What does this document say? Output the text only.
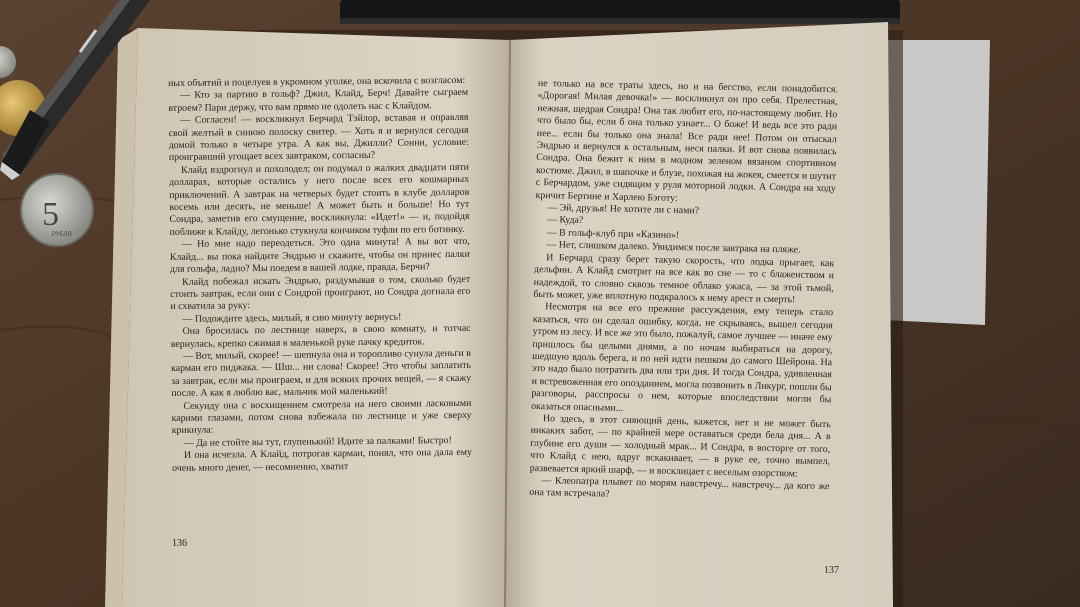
5
РУБЛЯ

ных объятий и поцелуев в укромном уголке, она вскочила с возгласом:

— Кто за партию в гольф? Джил, Клайд, Берч! Давайте сыграем втроем? Пари держу, что вам прямо не одолеть нас с Клайдом.

— Согласен! — воскликнул Берчард Тэйлор, вставая и оправляя свой желтый в синюю полоску свитер. — Хоть я и вернулся сегодня домой только в четыре утра. А как вы, Джилли? Сонни, условие: проигравший угощает всех завтраком, согласны?

Клайд вздрогнул и похолодел; он подумал о жалких двадцати пяти долларах, которые остались у него после всех его кошмарных приключений. А завтрак на четверых будет стоить в клубе долларов восемь или десять, не меньше! А может быть и больше! Но тут Сондра, заметив его смущение, воскликнула: «Идет!» — и, подойдя поближе к Клайду, легонько стукнула кончиком туфли по его ботинку.

— Но мне надо переодеться. Это одна минута! А вы вот что, Клайд... вы пока найдите Эндрью и скажите, чтобы он принес палки для гольфа, ладно? Мы поедем в вашей лодке, правда, Берчи?

Клайд побежал искать Эндрью, раздумывая о том, сколько будет стоить завтрак, если они с Сондрой проиграют, но Сондра догнала его и схватила за руку:

— Подождите здесь, милый, я сию минуту вернусь!

Она бросилась по лестнице наверх, в свою комнату, и тотчас вернулась, крепко сжимая в маленькой руке пачку кредиток.

— Вот, милый, скорее! — шепнула она и торопливо сунула деньги в карман его пиджака. — Шш... ни слова! Скорее! Это чтобы заплатить за завтрак, если мы проиграем, и для всяких прочих вещей, — я скажу после. А как я люблю вас, мальчик мой маленький!

Секунду она с восхищением смотрела на него своими ласковыми карими глазами, потом снова взбежала по лестнице и уже сверху крикнула:

— Да не стойте вы тут, глупенький! Идите за палками! Быстро!

И она исчезла. А Клайд, потрогав карман, понял, что она дала ему очень много денег, — несомненно, хватит

не только на все траты здесь, но и на бегство, если понадобится. «Дорогая! Милая девочка!» — воскликнул он про себя. Прелестная, нежная, щедрая Сондра! Она так любит его, по-настоящему любит. Но что было бы, если б она только узнает... О боже! И ведь все это ради нее... если бы только она знала! Все ради нее! Потом он отыскал Эндрью и вернулся к остальным, неся палки. И вот снова появилась Сондра. Она бежит к ним в модном зеленом вязаном спортивном костюме. Джил, в шапочке и блузе, похожая на жокея, смеется и шутит с Берчардом, уже сидящим у руля моторной лодки. А Сондра на ходу кричит Бертине и Харлею Бэготу:

— Эй, друзья! Не хотите ли с нами?

— Куда?

— В гольф-клуб при «Казино»!

— Нет, слишком далеко. Увидимся после завтрака на пляже.

И Берчард сразу берет такую скорость, что лодка прыгает, как дельфин. А Клайд смотрит на все как во сне — то с блаженством и надеждой, то словно сквозь темное облако ужаса, — за этой тьмой, быть может, уже вплотную подкралось к нему арест и смерть!

Несмотря на все его прежние рассуждения, ему теперь стало казаться, что он сделал ошибку, когда, не скрываясь, вышел сегодня утром из лесу. И все же это было, пожалуй, самое лучшее — иначе ему пришлось бы целыми днями, а по ночам выбираться на дорогу, шедшую вдоль берега, и по ней идти пешком до самого Шейрона. На это надо было потратить два или три дня. И тогда Сондра, удивленная и встревоженная его опозданием, могла позвонить в Ликург, пошли бы разговоры, расспросы о нем, которые впоследствии могли бы оказаться опасными...

Но здесь, в этот сияющий день, кажется, нет и не может быть никаких забот, — по крайней мере оставаться среди бела дня... А в глубине его души — холодный мрак... И Сондра, в восторге от того, что Клайд с нею, вдруг вскакивает, — в руке ее, точно вымпел, развевается яркий шарф, — и восклицает с веселым озорством:

— Клеопатра плывет по морям навстречу... навстречу... да кого же она там встречала?

136
137
